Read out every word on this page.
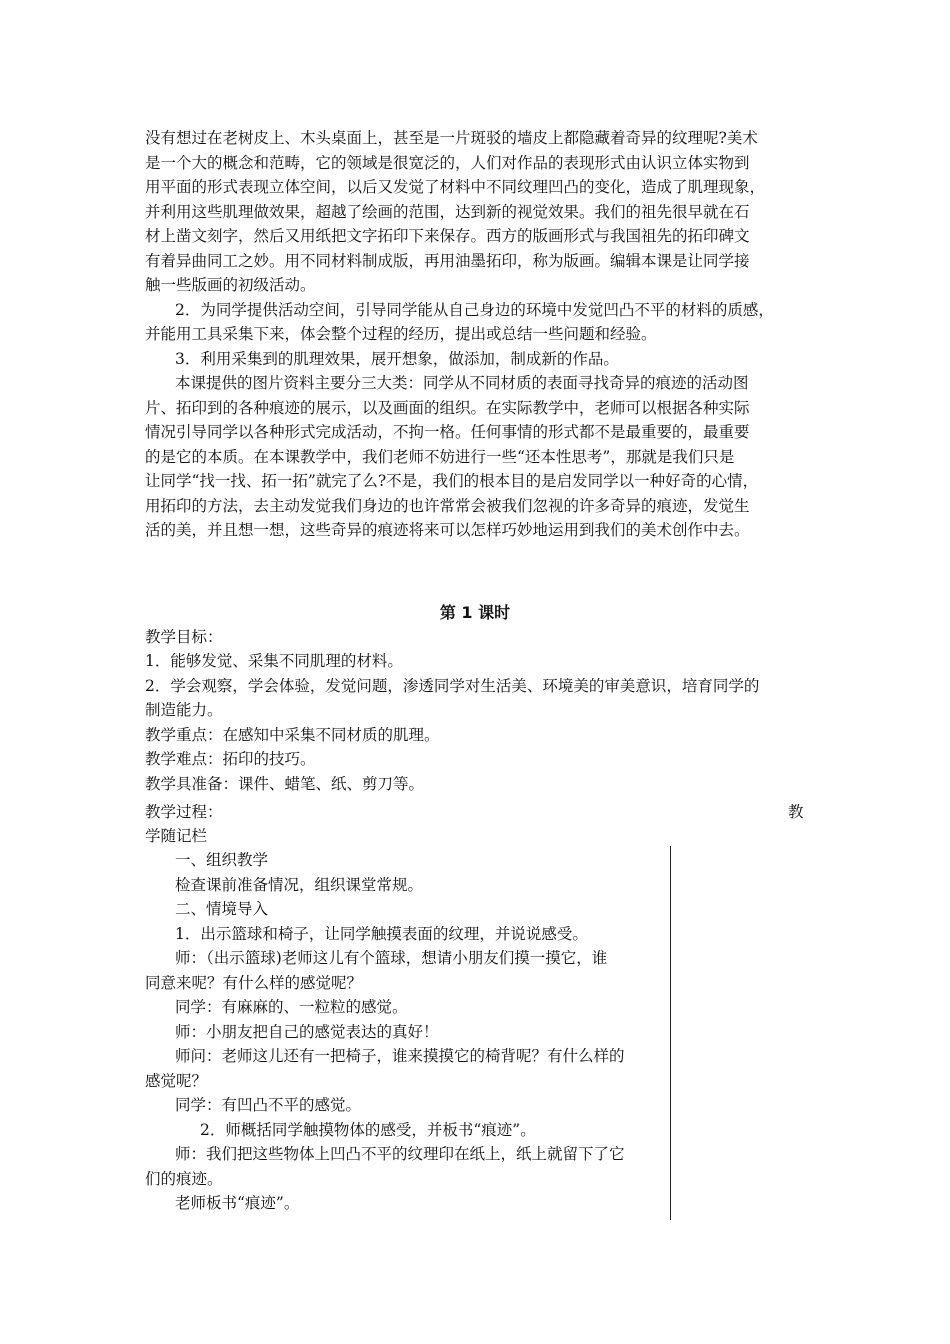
没有想过在老树皮上、木头桌面上，甚至是一片斑驳的墙皮上都隐藏着奇异的纹理呢?美术
是一个大的概念和范畴，它的领域是很宽泛的，人们对作品的表现形式由认识立体实物到
用平面的形式表现立体空间，以后又发觉了材料中不同纹理凹凸的变化，造成了肌理现象，
并利用这些肌理做效果，超越了绘画的范围，达到新的视觉效果。我们的祖先很早就在石
材上凿文刻字，然后又用纸把文字拓印下来保存。西方的版画形式与我国祖先的拓印碑文
有着异曲同工之妙。用不同材料制成版，再用油墨拓印，称为版画。编辑本课是让同学接
触一些版画的初级活动。
2．为同学提供活动空间，引导同学能从自己身边的环境中发觉凹凸不平的材料的质感，
并能用工具采集下来，体会整个过程的经历，提出或总结一些问题和经验。
3．利用采集到的肌理效果，展开想象，做添加，制成新的作品。
本课提供的图片资料主要分三大类：同学从不同材质的表面寻找奇异的痕迹的活动图
片、拓印到的各种痕迹的展示，以及画面的组织。在实际教学中，老师可以根据各种实际
情况引导同学以各种形式完成活动，不拘一格。任何事情的形式都不是最重要的，最重要
的是它的本质。在本课教学中，我们老师不妨进行一些“还本性思考”，那就是我们只是
让同学“找一找、拓一拓”就完了么?不是，我们的根本目的是启发同学以一种好奇的心情，
用拓印的方法，去主动发觉我们身边的也许常常会被我们忽视的许多奇异的痕迹，发觉生
活的美，并且想一想，这些奇异的痕迹将来可以怎样巧妙地运用到我们的美术创作中去。
第 1 课时
教学目标：
1．能够发觉、采集不同肌理的材料。
2．学会观察，学会体验，发觉问题，渗透同学对生活美、环境美的审美意识，培育同学的
制造能力。
教学重点：在感知中采集不同材质的肌理。
教学难点：拓印的技巧。
教学具准备：课件、蜡笔、纸、剪刀等。
教学过程：	教
学随记栏
一、组织教学
检查课前准备情况，组织课堂常规。
二、情境导入
1．出示篮球和椅子，让同学触摸表面的纹理，并说说感受。
师：（出示篮球)老师这儿有个篮球，想请小朋友们摸一摸它，谁
同意来呢？有什么样的感觉呢？
同学：有麻麻的、一粒粒的感觉。
师：小朋友把自己的感觉表达的真好！
师问：老师这儿还有一把椅子，谁来摸摸它的椅背呢？有什么样的
感觉呢？
同学：有凹凸不平的感觉。
2．师概括同学触摸物体的感受，并板书“痕迹”。
师：我们把这些物体上凹凸不平的纹理印在纸上，纸上就留下了它
们的痕迹。
老师板书“痕迹”。
